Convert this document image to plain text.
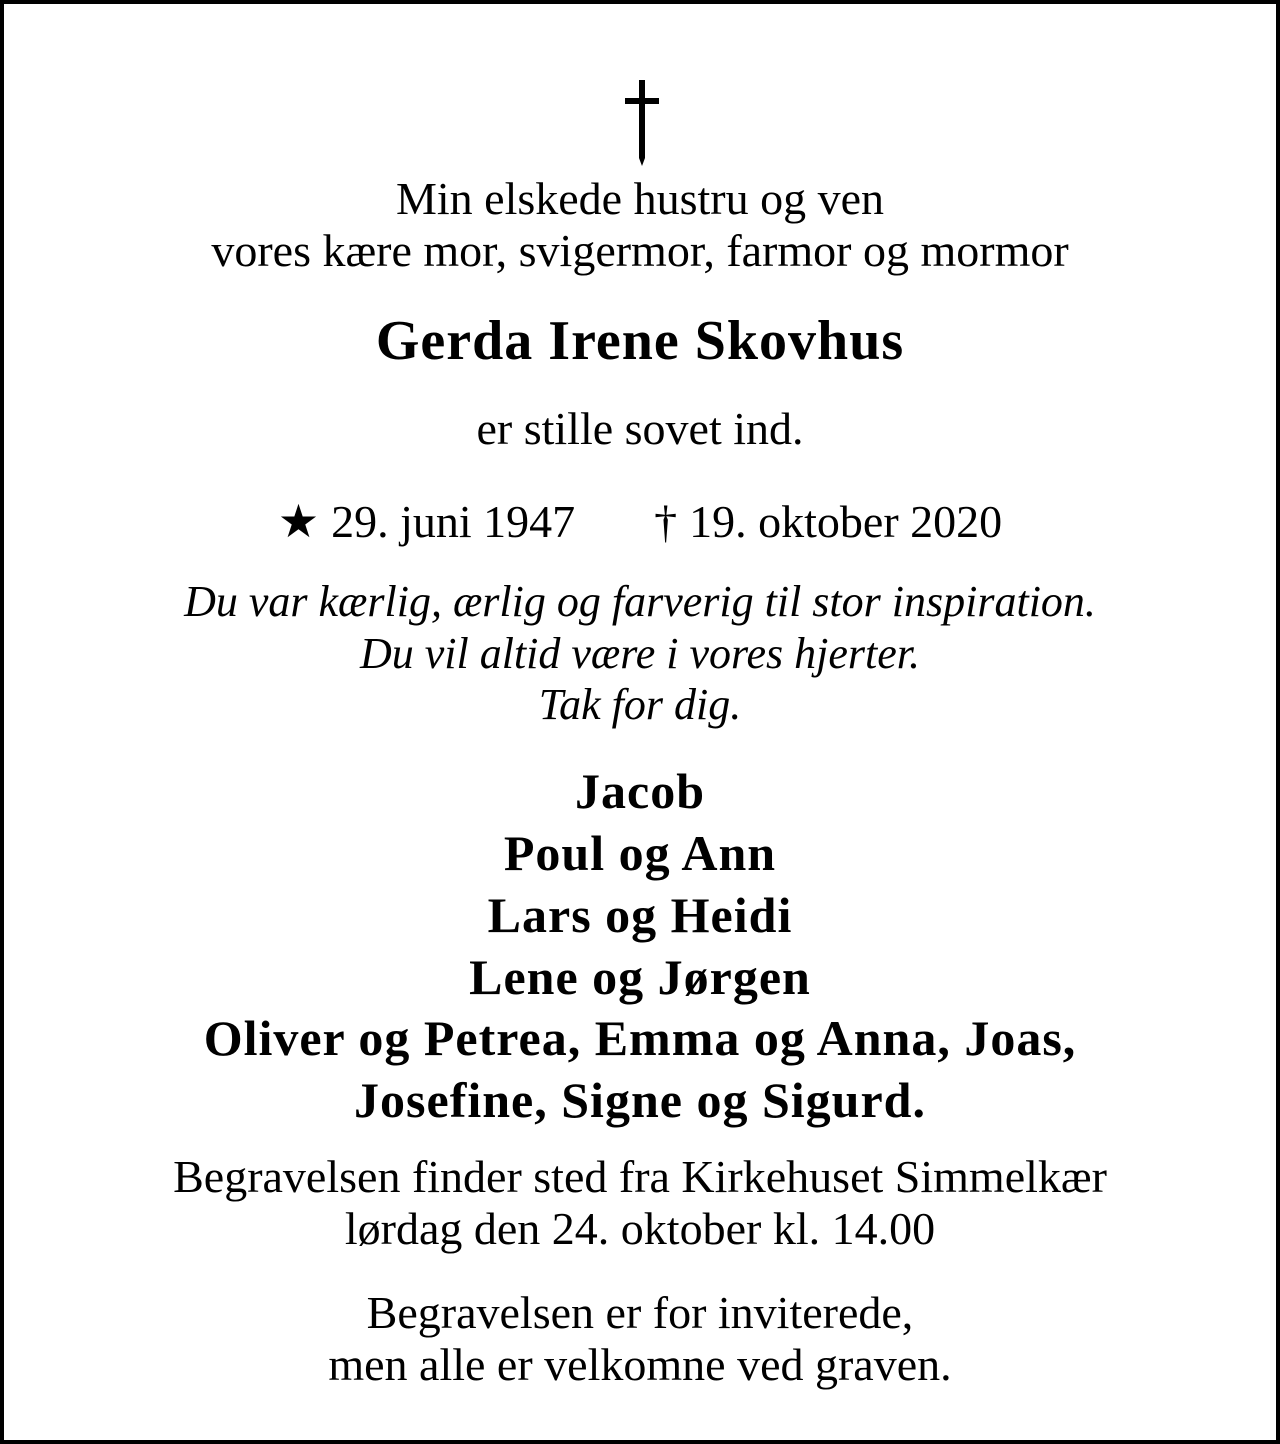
Min elskede hustru og ven
vores kære mor, svigermor, farmor og mormor
Gerda Irene Skovhus
er stille sovet ind.
★ 29. juni 1947 † 19. oktober 2020
Du var kærlig, ærlig og farverig til stor inspiration.
Du vil altid være i vores hjerter.
Tak for dig.
Jacob
Poul og Ann
Lars og Heidi
Lene og Jørgen
Oliver og Petrea, Emma og Anna, Joas,
Josefine, Signe og Sigurd.
Begravelsen finder sted fra Kirkehuset Simmelkær
lørdag den 24. oktober kl. 14.00
Begravelsen er for inviterede,
men alle er velkomne ved graven.
